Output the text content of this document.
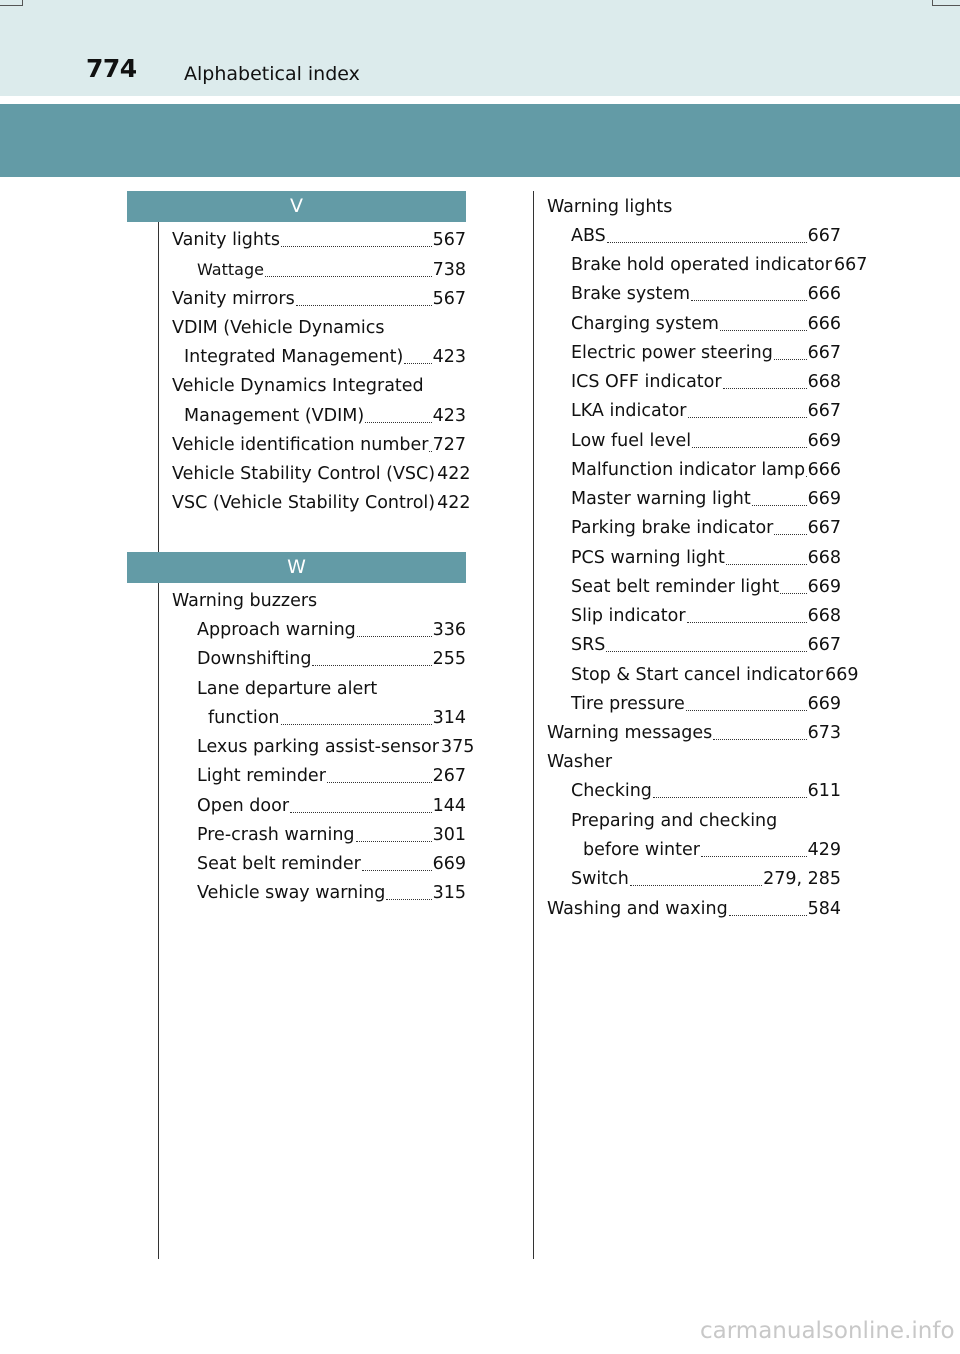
774 Alphabetical index
V
Vanity lights	567
Wattage	738
Vanity mirrors	567
VDIM (Vehicle Dynamics
Integrated Management) 423
Vehicle Dynamics Integrated
Management (VDIM)	423
Vehicle identification number 727
Vehicle Stability Control (VSC) 422
VSC (Vehicle Stability Control) 422
W
Warning buzzers
Approach warning	336
Downshifting	255
Lane departure alert
function	314
Lexus parking assist-sensor 375
Light reminder	267
Open door	144
Pre-crash warning	301
Seat belt reminder	669
Vehicle sway warning	315
Warning lights
ABS	667
Brake hold operated indicator 667
Brake system	666
Charging system	666
Electric power steering 667
ICS OFF indicator	668
LKA indicator	667
Low fuel level	669
Malfunction indicator lamp 666
Master warning light	669
Parking brake indicator 667
PCS warning light	668
Seat belt reminder light 669
Slip indicator	668
SRS	667
Stop & Start cancel indicator 669
Tire pressure	669
Warning messages	673
Washer
Checking	611
Preparing and checking
before winter	429
Switch	279, 285
Washing and waxing	584
carmanualsonline.info
